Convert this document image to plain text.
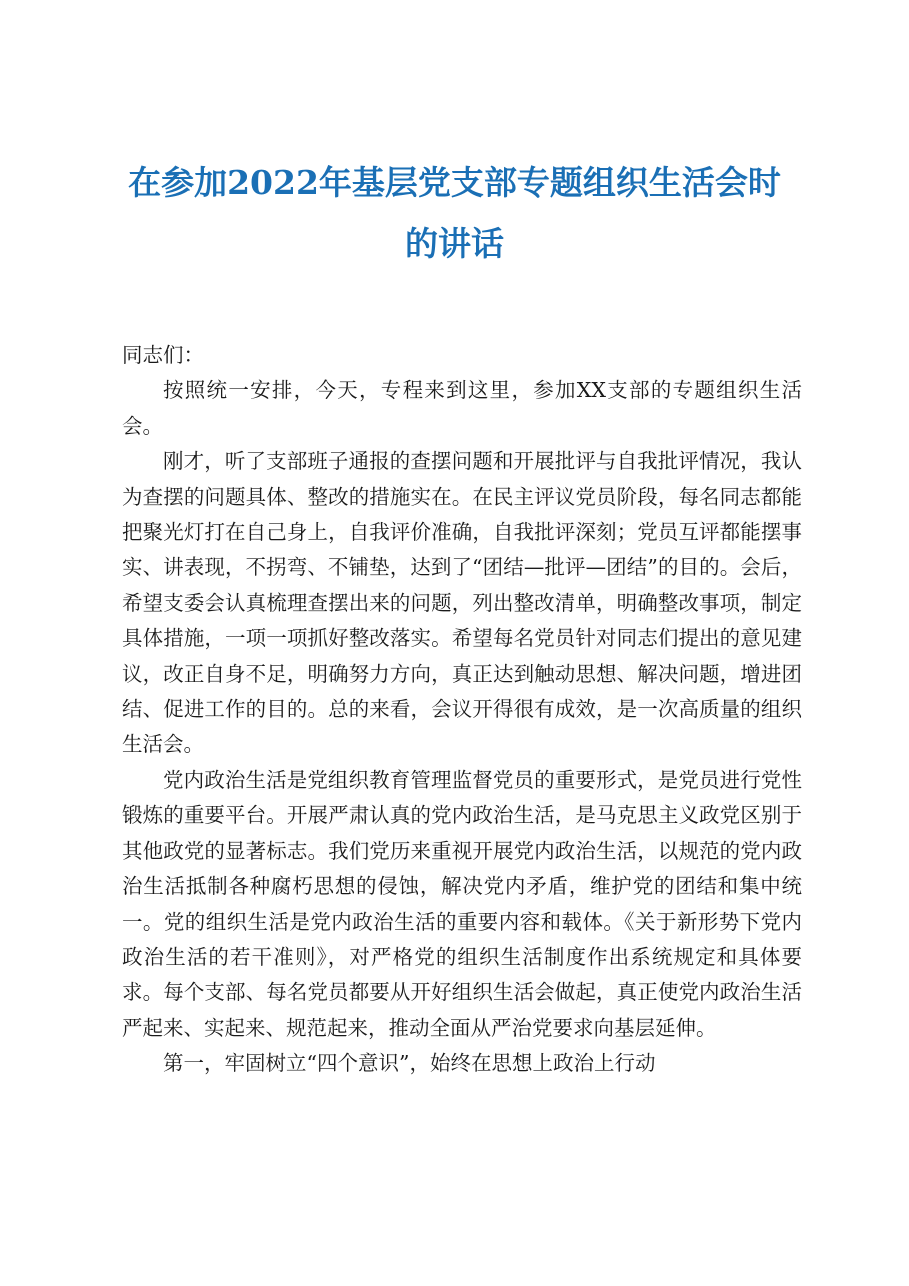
在参加2022年基层党支部专题组织生活会时
的讲话

同志们：

按照统一安排，今天，专程来到这里，参加XX支部的专题组织生活会。

刚才，听了支部班子通报的查摆问题和开展批评与自我批评情况，我认为查摆的问题具体、整改的措施实在。在民主评议党员阶段，每名同志都能把聚光灯打在自己身上，自我评价准确，自我批评深刻；党员互评都能摆事实、讲表现，不拐弯、不铺垫，达到了“团结—批评—团结”的目的。会后，希望支委会认真梳理查摆出来的问题，列出整改清单，明确整改事项，制定具体措施，一项一项抓好整改落实。希望每名党员针对同志们提出的意见建议，改正自身不足，明确努力方向，真正达到触动思想、解决问题，增进团结、促进工作的目的。总的来看，会议开得很有成效，是一次高质量的组织生活会。

党内政治生活是党组织教育管理监督党员的重要形式，是党员进行党性锻炼的重要平台。开展严肃认真的党内政治生活，是马克思主义政党区别于其他政党的显著标志。我们党历来重视开展党内政治生活，以规范的党内政治生活抵制各种腐朽思想的侵蚀，解决党内矛盾，维护党的团结和集中统一。党的组织生活是党内政治生活的重要内容和载体。《关于新形势下党内政治生活的若干准则》，对严格党的组织生活制度作出系统规定和具体要求。每个支部、每名党员都要从开好组织生活会做起，真正使党内政治生活严起来、实起来、规范起来，推动全面从严治党要求向基层延伸。

第一，牢固树立“四个意识”，始终在思想上政治上行动
